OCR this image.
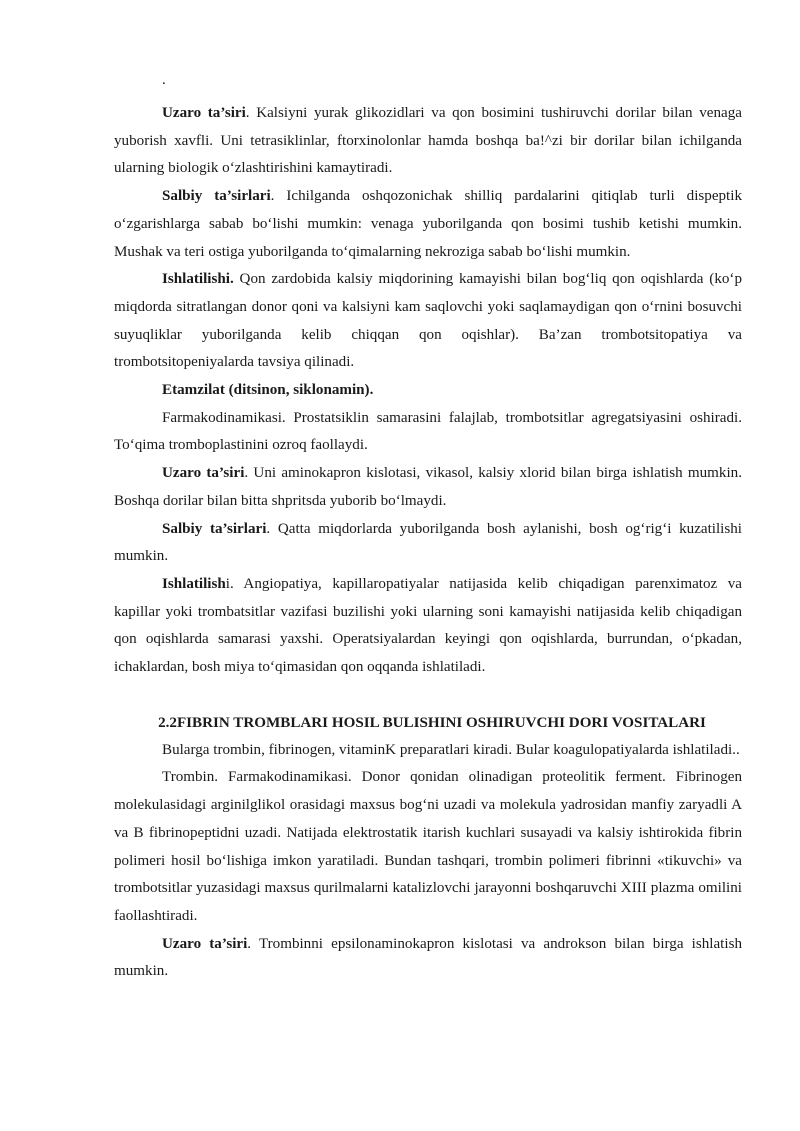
.

Uzaro ta’siri. Kalsiyni yurak glikozidlari va qon bosimini tushiruvchi dorilar bilan venaga yuborish xavfli. Uni tetrasiklinlar, ftorxinolonlar hamda boshqa ba!^zi bir dorilar bilan ichilganda ularning biologik o‘zlashtirishini kamaytiradi.

Salbiy ta’sirlari. Ichilganda oshqozonichak shilliq pardalarini qitiqlab turli dispeptik o‘zgarishlarga sabab bo‘lishi mumkin: venaga yuborilganda qon bosimi tushib ketishi mumkin. Mushak va teri ostiga yuborilganda to‘qimalarning nekroziga sabab bo‘lishi mumkin.

Ishlatilishi. Qon zardobida kalsiy miqdorining kamayishi bilan bog‘liq qon oqishlarda (ko‘p miqdorda sitratlangan donor qoni va kalsiyni kam saqlovchi yoki saqlamaydigan qon o‘rnini bosuvchi suyuqliklar yuborilganda kelib chiqqan qon oqishlar). Ba’zan trombotsitopatiya va trombotsitopeniyalarda tavsiya qilinadi.

Etamzilat (ditsinon, siklonamin).

Farmakodinamikasi. Prostatsiklin samarasini falajlab, trombotsitlar agregatsiyasini oshiradi. To‘qima tromboplastinini ozroq faollaydi.

Uzaro ta’siri. Uni aminokapron kislotasi, vikasol, kalsiy xlorid bilan birga ishlatish mumkin. Boshqa dorilar bilan bitta shpritsda yuborib bo‘lmaydi.

Salbiy ta’sirlari. Qatta miqdorlarda yuborilganda bosh aylanishi, bosh og‘rig‘i kuzatilishi mumkin.

Ishlatilishi. Angiopatiya, kapillaropatiyalar natijasida kelib chiqadigan parenximatoz va kapillar yoki trombatsitlar vazifasi buzilishi yoki ularning soni kamayishi natijasida kelib chiqadigan qon oqishlarda samarasi yaxshi. Operatsiyalardan keyingi qon oqishlarda, burrundan, o‘pkadan, ichaklardan, bosh miya to‘qimasidan qon oqqanda ishlatiladi.

2.2FIBRIN TROMBLARI HOSIL BULISHINI OSHIRUVCHI DORI VOSITALARI

Bularga trombin, fibrinogen, vitaminK preparatlari kiradi. Bular koagulopatiyalarda ishlatiladi..

Trombin. Farmakodinamikasi. Donor qonidan olinadigan proteolitik ferment. Fibrinogen molekulasidagi arginilglikol orasidagi maxsus bog‘ni uzadi va molekula yadrosidan manfiy zaryadli A va B fibrinopeptidni uzadi. Natijada elektrostatik itarish kuchlari susayadi va kalsiy ishtirokida fibrin polimeri hosil bo‘lishiga imkon yaratiladi. Bundan tashqari, trombin polimeri fibrinni «tikuvchi» va trombotsitlar yuzasidagi maxsus qurilmalarni katalizlovchi jarayonni boshqaruvchi XIII plazma omilini faollashtiradi.

Uzaro ta’siri. Trombinni epsilonaminokapron kislotasi va androkson bilan birga ishlatish mumkin.
